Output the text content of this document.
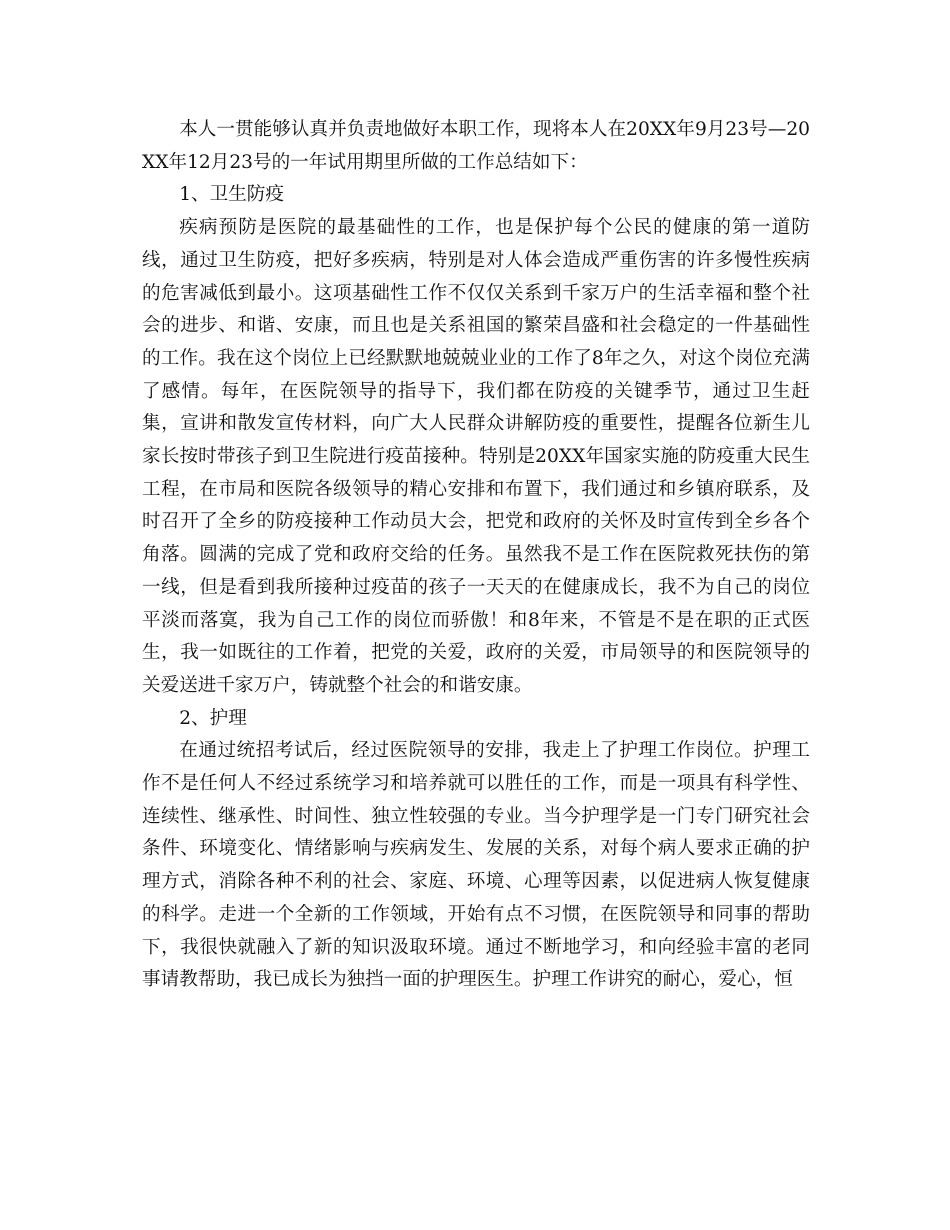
本人一贯能够认真并负责地做好本职工作，现将本人在20XX年9月23号—20XX年12月23号的一年试用期里所做的工作总结如下：

1、卫生防疫

疾病预防是医院的最基础性的工作，也是保护每个公民的健康的第一道防线，通过卫生防疫，把好多疾病，特别是对人体会造成严重伤害的许多慢性疾病的危害减低到最小。这项基础性工作不仅仅关系到千家万户的生活幸福和整个社会的进步、和谐、安康，而且也是关系祖国的繁荣昌盛和社会稳定的一件基础性的工作。我在这个岗位上已经默默地兢兢业业的工作了8年之久，对这个岗位充满了感情。每年，在医院领导的指导下，我们都在防疫的关键季节，通过卫生赶集，宣讲和散发宣传材料，向广大人民群众讲解防疫的重要性，提醒各位新生儿家长按时带孩子到卫生院进行疫苗接种。特别是20XX年国家实施的防疫重大民生工程，在市局和医院各级领导的精心安排和布置下，我们通过和乡镇府联系，及时召开了全乡的防疫接种工作动员大会，把党和政府的关怀及时宣传到全乡各个角落。圆满的完成了党和政府交给的任务。虽然我不是工作在医院救死扶伤的第一线，但是看到我所接种过疫苗的孩子一天天的在健康成长，我不为自己的岗位平淡而落寞，我为自己工作的岗位而骄傲！和8年来，不管是不是在职的正式医生，我一如既往的工作着，把党的关爱，政府的关爱，市局领导的和医院领导的关爱送进千家万户，铸就整个社会的和谐安康。

2、护理

在通过统招考试后，经过医院领导的安排，我走上了护理工作岗位。护理工作不是任何人不经过系统学习和培养就可以胜任的工作，而是一项具有科学性、连续性、继承性、时间性、独立性较强的专业。当今护理学是一门专门研究社会条件、环境变化、情绪影响与疾病发生、发展的关系，对每个病人要求正确的护理方式，消除各种不利的社会、家庭、环境、心理等因素，以促进病人恢复健康的科学。走进一个全新的工作领域，开始有点不习惯，在医院领导和同事的帮助下，我很快就融入了新的知识汲取环境。通过不断地学习，和向经验丰富的老同事请教帮助，我已成长为独挡一面的护理医生。护理工作讲究的耐心，爱心，恒
